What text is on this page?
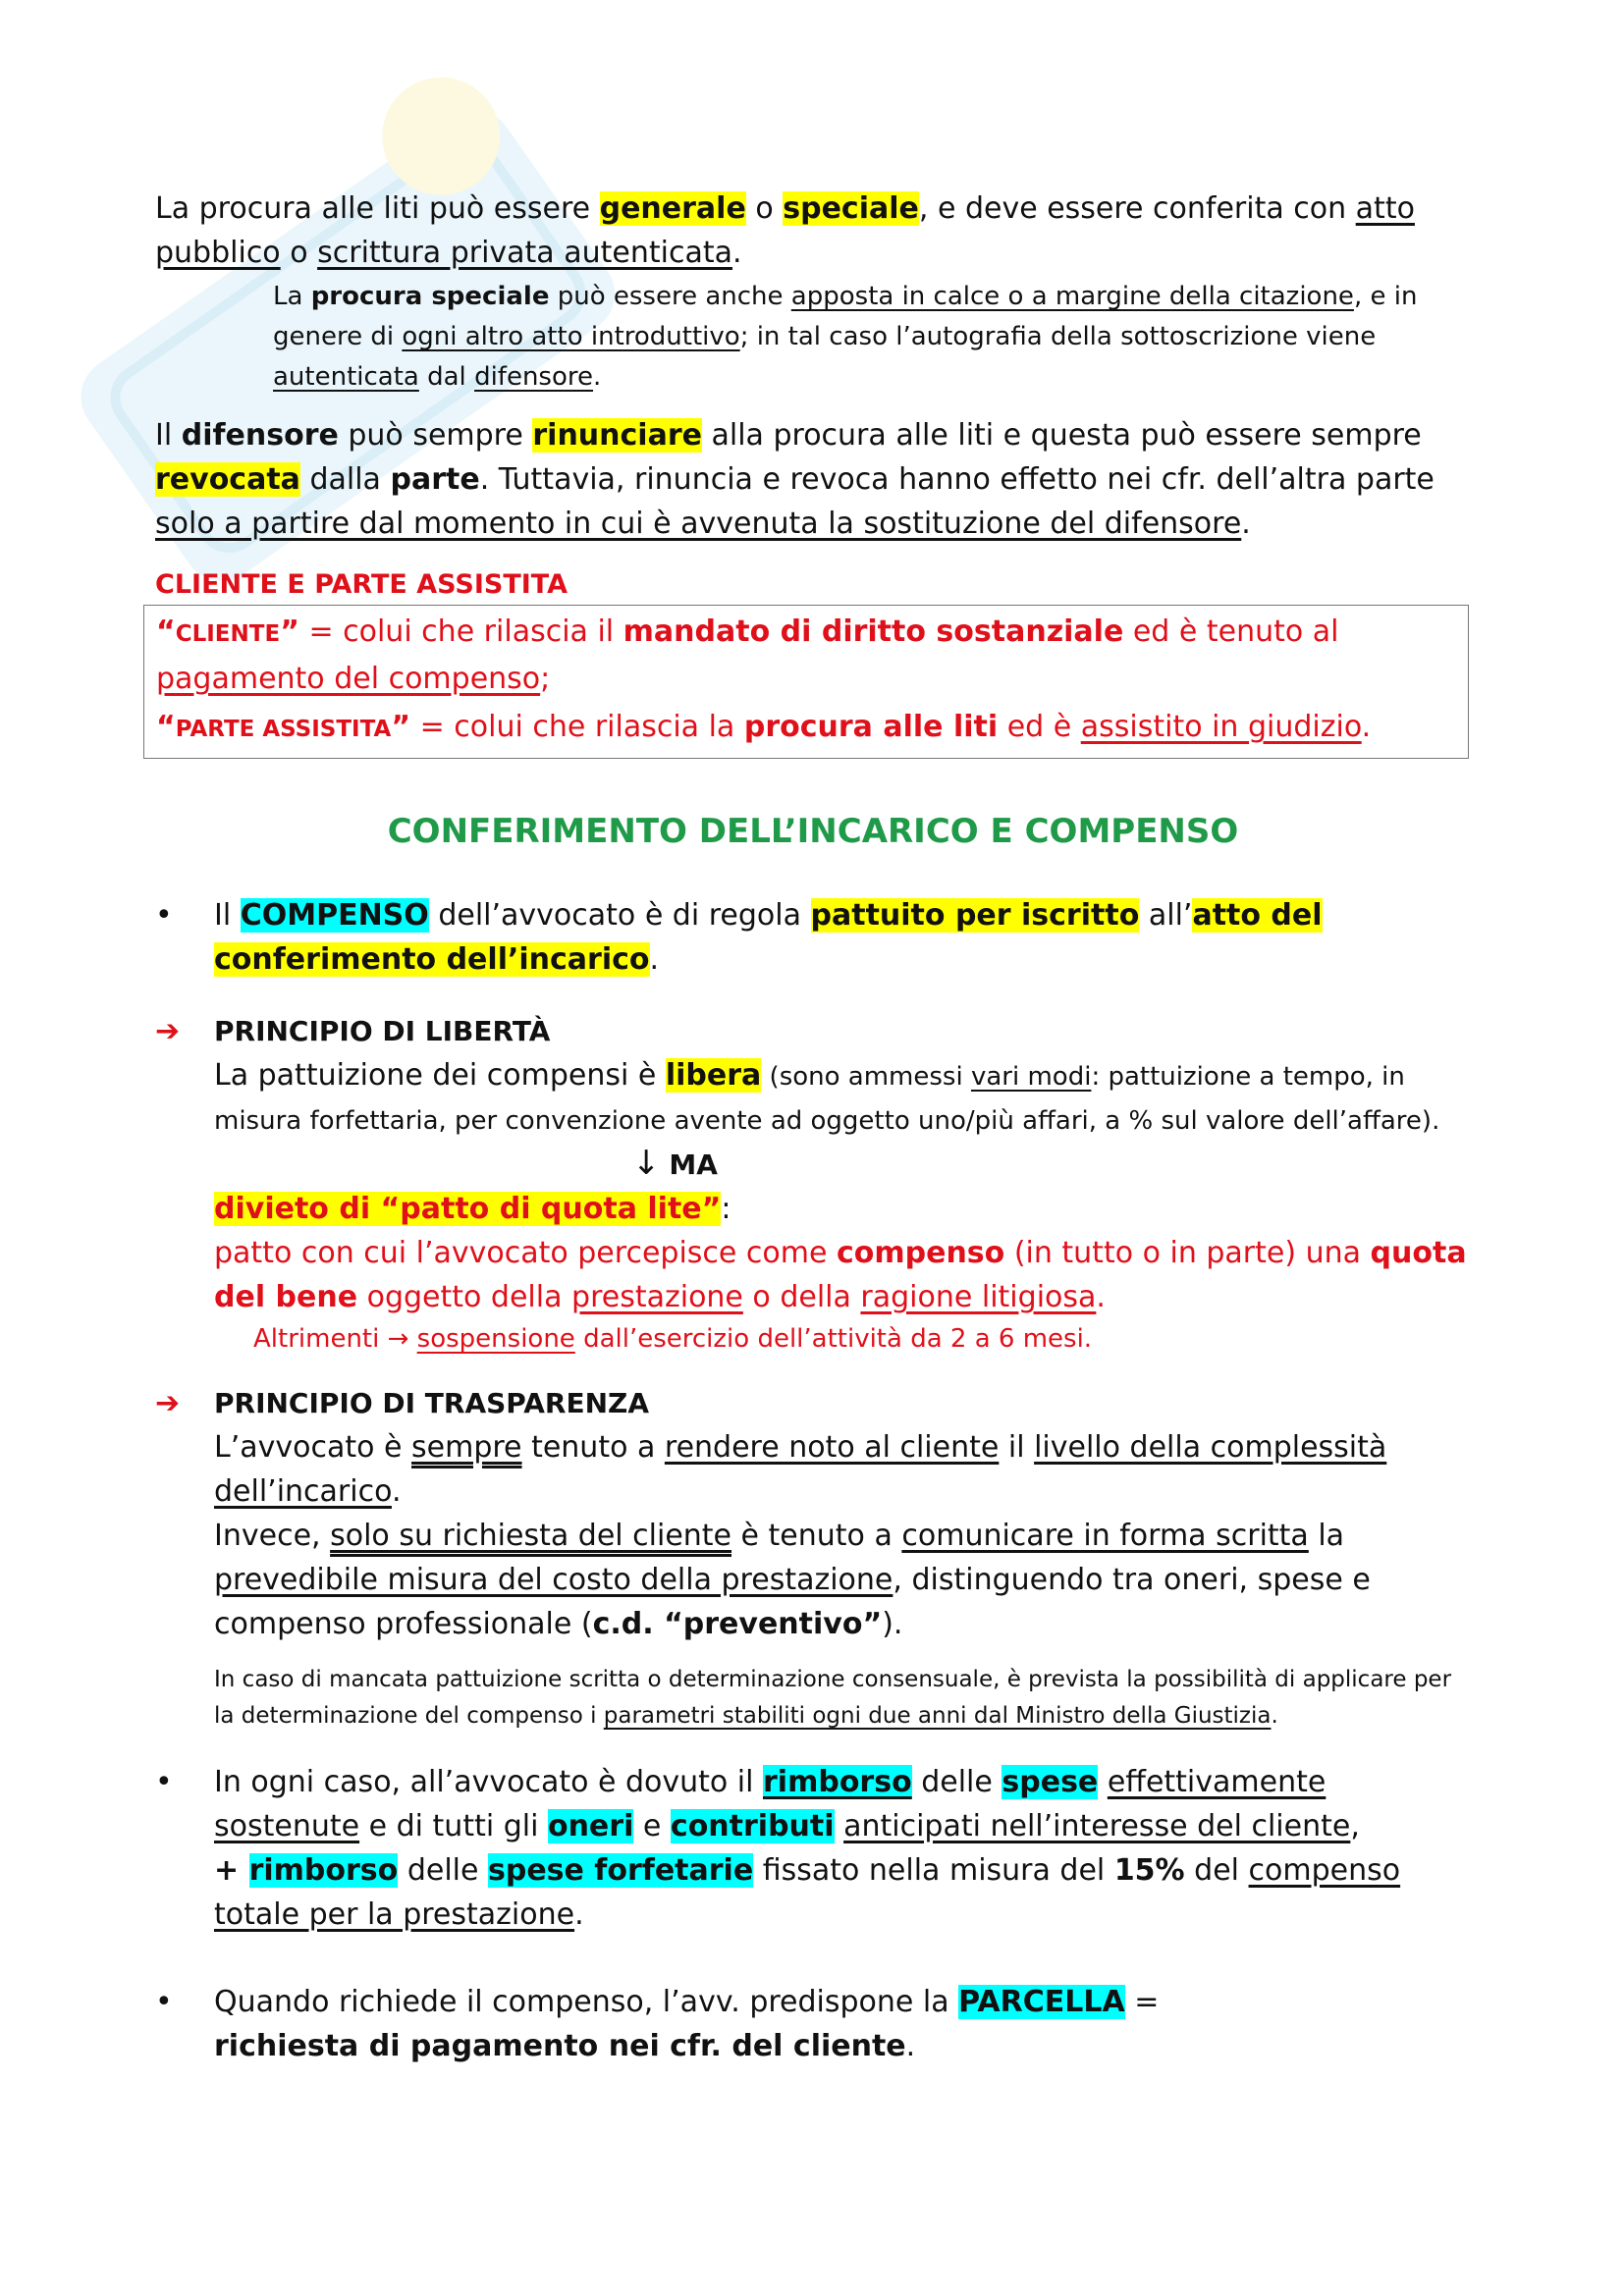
La procura alle liti può essere generale o speciale, e deve essere conferita con atto pubblico o scrittura privata autenticata.

La procura speciale può essere anche apposta in calce o a margine della citazione, e in genere di ogni altro atto introduttivo; in tal caso l’autografia della sottoscrizione viene autenticata dal difensore.

Il difensore può sempre rinunciare alla procura alle liti e questa può essere sempre revocata dalla parte. Tuttavia, rinuncia e revoca hanno effetto nei cfr. dell’altra parte solo a partire dal momento in cui è avvenuta la sostituzione del difensore.

CLIENTE E PARTE ASSISTITA

“CLIENTE” = colui che rilascia il mandato di diritto sostanziale ed è tenuto al pagamento del compenso;

“PARTE ASSISTITA” = colui che rilascia la procura alle liti ed è assistito in giudizio.

CONFERIMENTO DELL’INCARICO E COMPENSO

•	Il COMPENSO dell’avvocato è di regola pattuito per iscritto all’atto del conferimento dell’incarico.

➔ PRINCIPIO DI LIBERTÀ

La pattuizione dei compensi è libera (sono ammessi vari modi: pattuizione a tempo, in misura forfettaria, per convenzione avente ad oggetto uno/più affari, a % sul valore dell’affare).

↓ MA

divieto di “patto di quota lite”:

patto con cui l’avvocato percepisce come compenso (in tutto o in parte) una quota del bene oggetto della prestazione o della ragione litigiosa.

Altrimenti → sospensione dall’esercizio dell’attività da 2 a 6 mesi.

➔ PRINCIPIO DI TRASPARENZA

L’avvocato è sempre tenuto a rendere noto al cliente il livello della complessità dell’incarico.

Invece, solo su richiesta del cliente è tenuto a comunicare in forma scritta la prevedibile misura del costo della prestazione, distinguendo tra oneri, spese e compenso professionale (c.d. “preventivo”).

In caso di mancata pattuizione scritta o determinazione consensuale, è prevista la possibilità di applicare per la determinazione del compenso i parametri stabiliti ogni due anni dal Ministro della Giustizia.

•	In ogni caso, all’avvocato è dovuto il rimborso delle spese effettivamente sostenute e di tutti gli oneri e contributi anticipati nell’interesse del cliente,
+ rimborso delle spese forfetarie fissato nella misura del 15% del compenso totale per la prestazione.

•	Quando richiede il compenso, l’avv. predispone la PARCELLA =
richiesta di pagamento nei cfr. del cliente.
